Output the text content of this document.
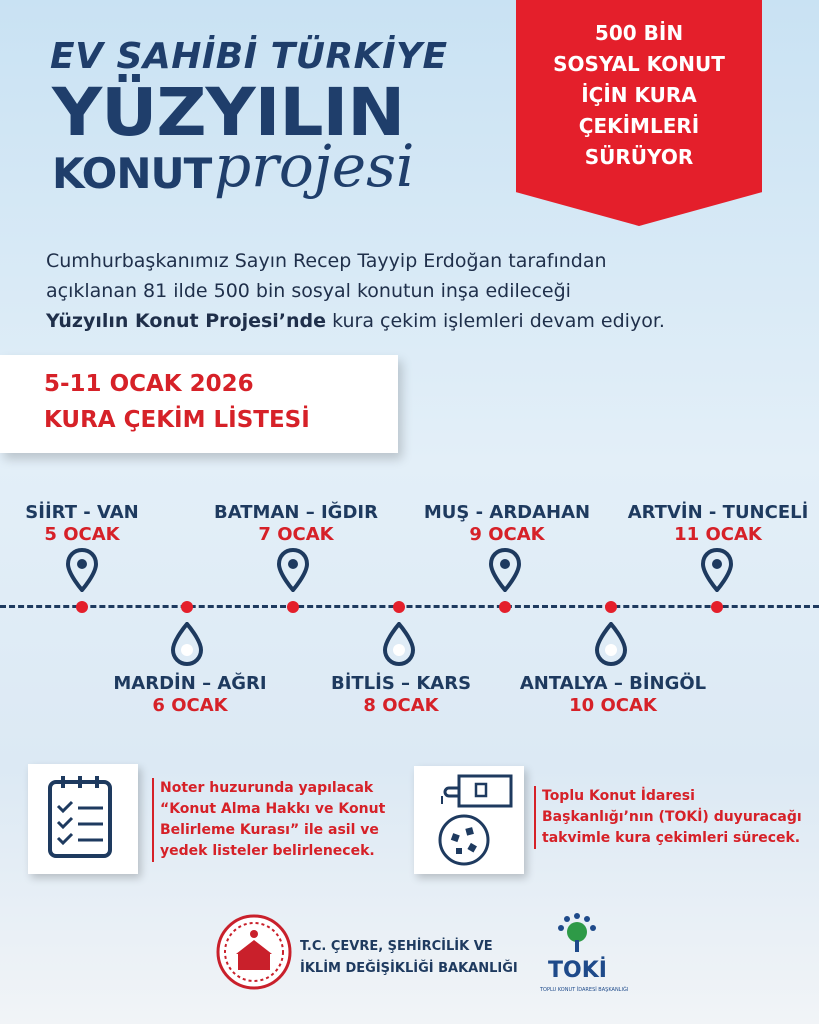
EV SAHİBİ TÜRKİYE
YÜZYILIN
KONUT projesi
500 BİN
SOSYAL KONUT
İÇİN KURA
ÇEKİMLERİ
SÜRÜYOR
Cumhurbaşkanımız Sayın Recep Tayyip Erdoğan tarafından
açıklanan 81 ilde 500 bin sosyal konutun inşa edileceği
Yüzyılın Konut Projesi’nde kura çekim işlemleri devam ediyor.
5-11 OCAK 2026
KURA ÇEKİM LİSTESİ
SİİRT - VAN
5 OCAK
BATMAN – IĞDIR
7 OCAK
MUŞ - ARDAHAN
9 OCAK
ARTVİN - TUNCELİ
11 OCAK
MARDİN – AĞRI
6 OCAK
BİTLİS – KARS
8 OCAK
ANTALYA – BİNGÖL
10 OCAK
Noter huzurunda yapılacak
“Konut Alma Hakkı ve Konut
Belirleme Kurası” ile asil ve
yedek listeler belirlenecek.
Toplu Konut İdaresi
Başkanlığı’nın (TOKİ) duyuracağı
takvimle kura çekimleri sürecek.
T.C. ÇEVRE, ŞEHİRCİLİK VE
İKLİM DEĞİŞİKLİĞİ BAKANLIĞI TOKİ
TOPLU KONUT İDARESİ BAŞKANLIĞI
